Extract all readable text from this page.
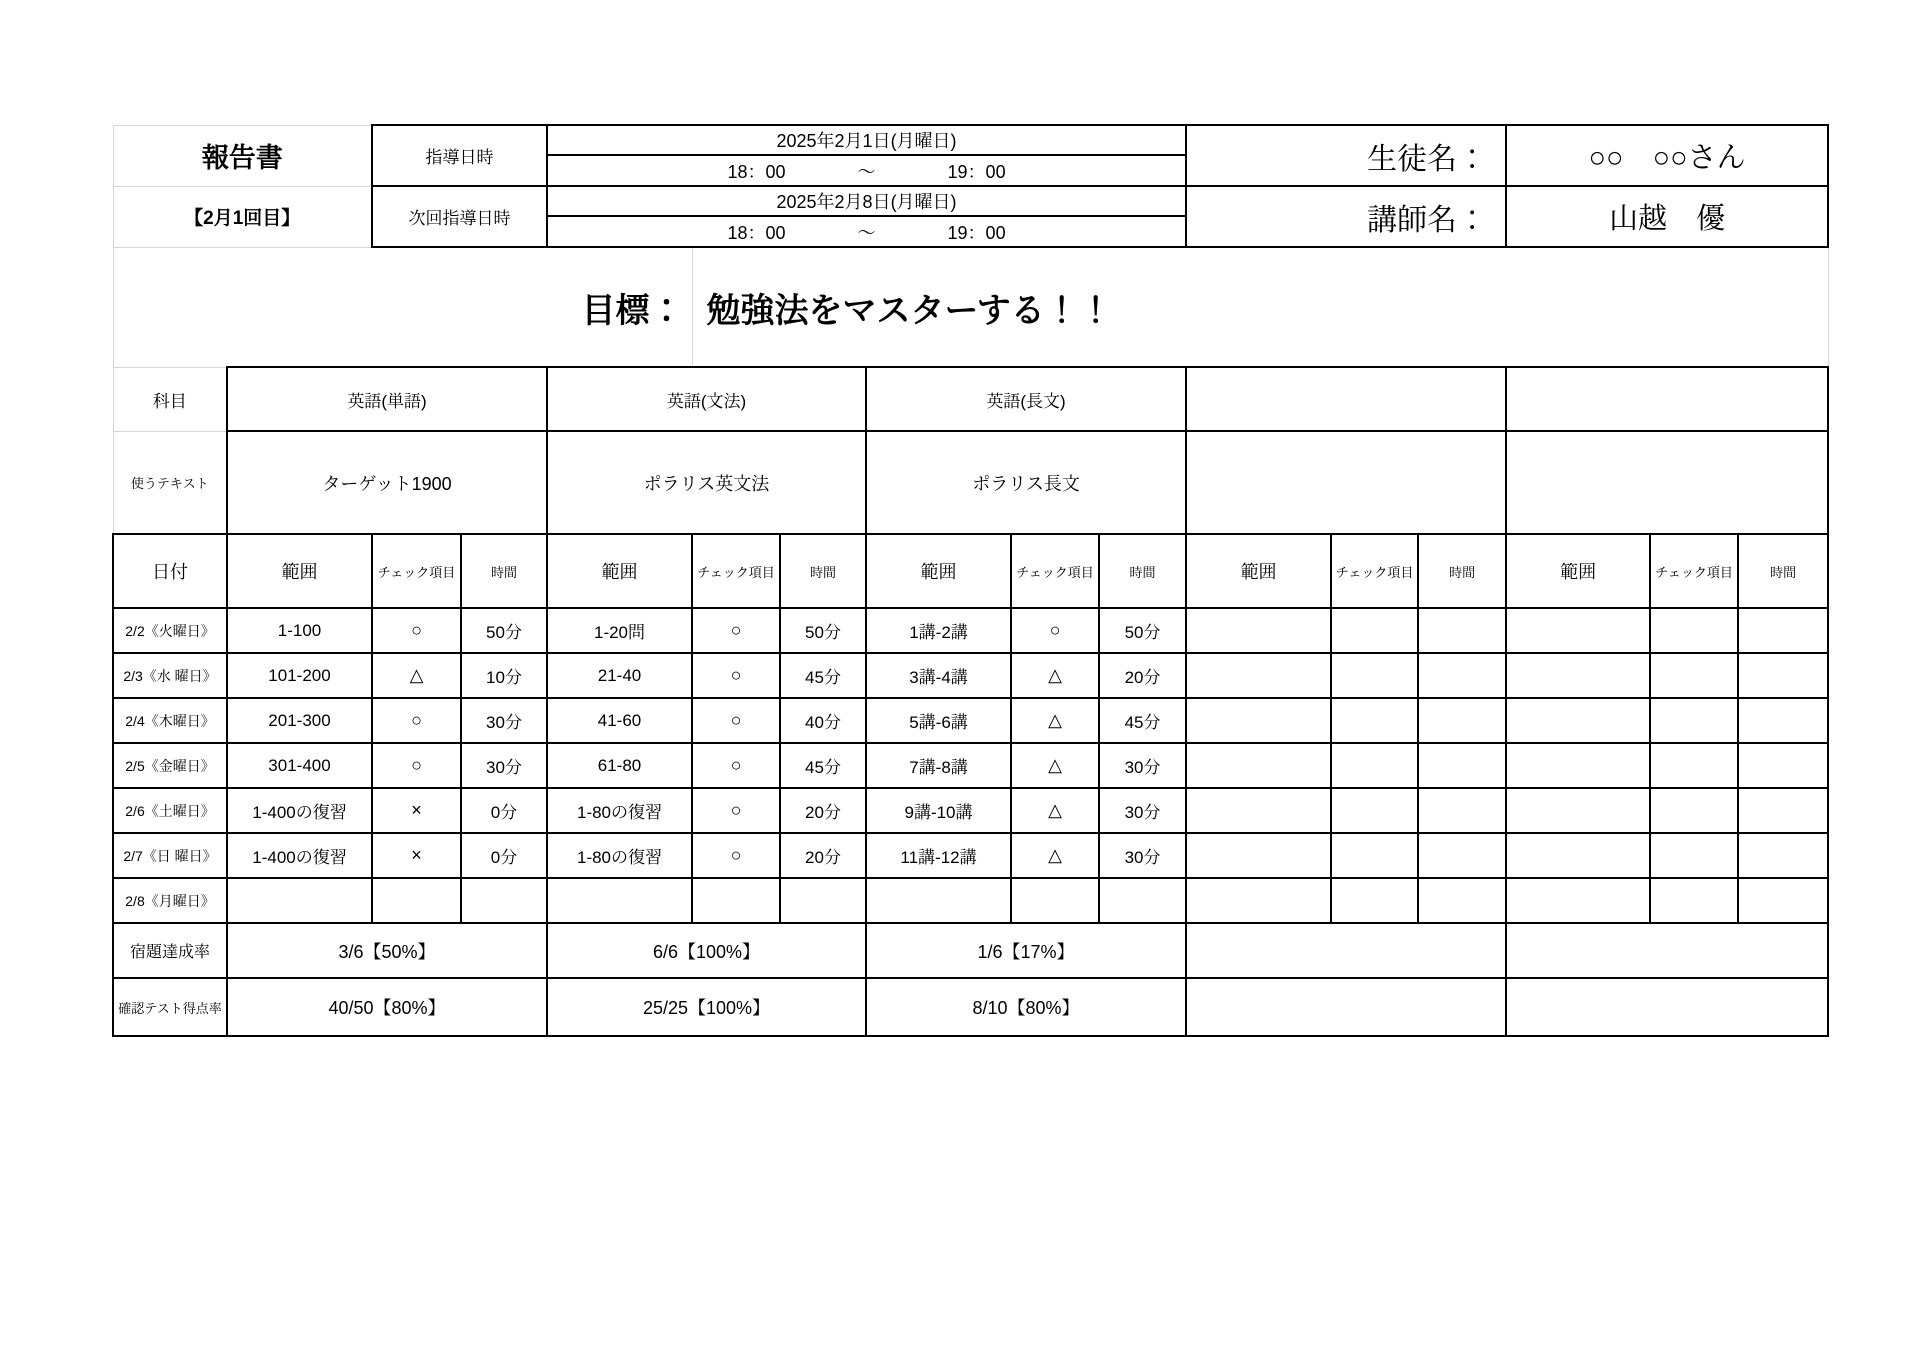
報告書		指導日時		2025年2月1日(月曜日)						生徒名：			○○　○○さん		

				18：00 ～ 19：00											

【2月1回目】		次回指導日時		2025年2月8日(月曜日)						講師名：			山越　優		

				18：00 ～ 19：00											

目標：					勉強法をマスターする！！										
科目	英語(単語)			英語(文法)			英語(長文)								
使うテキスト	ターゲット1900			ポラリス英文法			ポラリス長文								
日付	範囲	チェック項目	時間	範囲	チェック項目	時間	範囲	チェック項目	時間	範囲	チェック項目	時間	範囲	チェック項目	時間
2/2《火曜日》	1-100	○	50分	1-20問	○	50分	1講-2講	○	50分						
2/3《水 曜日》	101-200	△	10分	21-40	○	45分	3講-4講	△	20分						
2/4《木曜日》	201-300	○	30分	41-60	○	40分	5講-6講	△	45分						
2/5《金曜日》	301-400	○	30分	61-80	○	45分	7講-8講	△	30分						
2/6《土曜日》	1-400の復習	×	0分	1-80の復習	○	20分	9講-10講	△	30分						
2/7《日 曜日》	1-400の復習	×	0分	1-80の復習	○	20分	11講-12講	△	30分						
2/8《月曜日》															
宿題達成率	3/6【50%】			6/6【100%】			1/6【17%】								
確認テスト得点率	40/50【80%】			25/25【100%】			8/10【80%】								
